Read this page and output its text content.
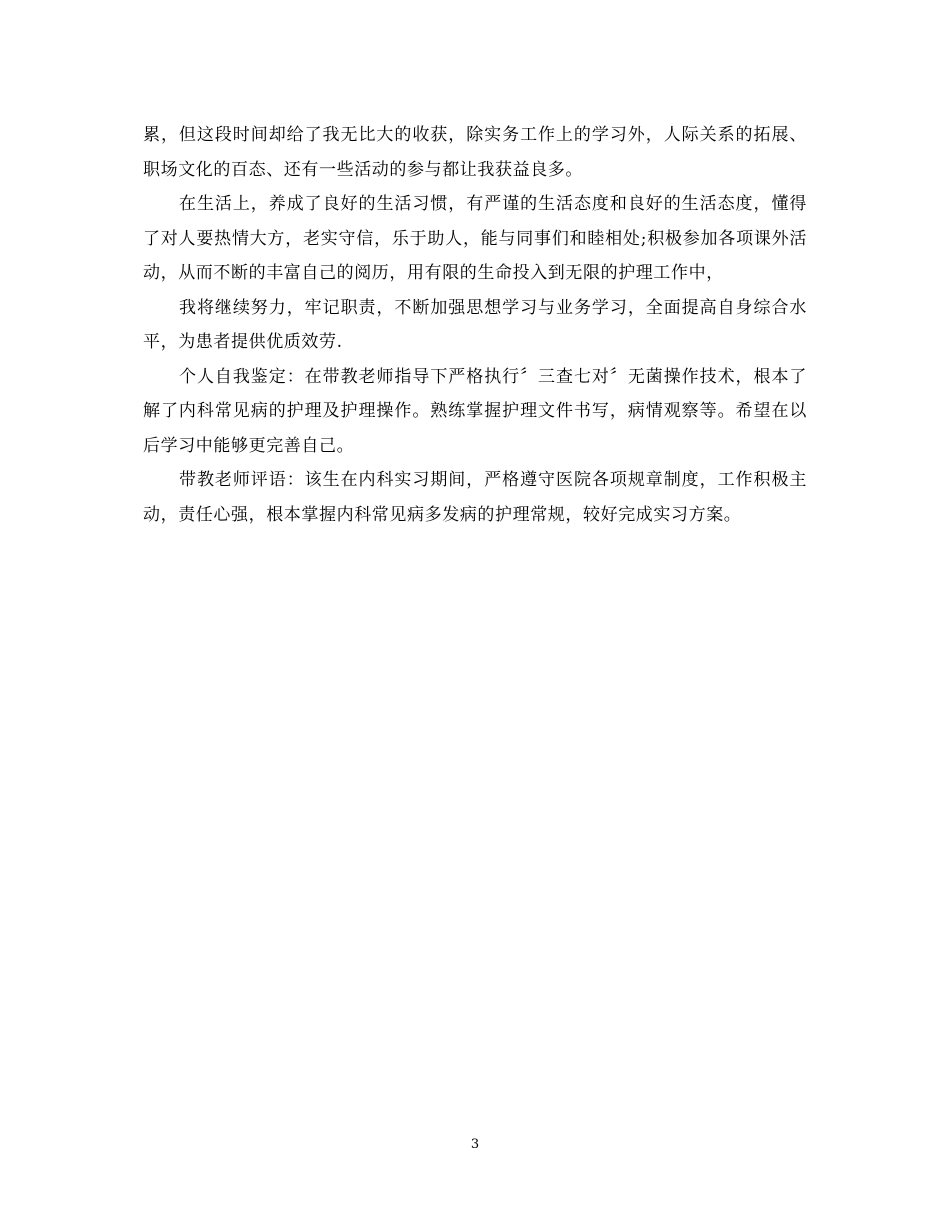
累，但这段时间却给了我无比大的收获，除实务工作上的学习外，人际关系的拓展、职场文化的百态、还有一些活动的参与都让我获益良多。

在生活上，养成了良好的生活习惯，有严谨的生活态度和良好的生活态度，懂得了对人要热情大方，老实守信，乐于助人，能与同事们和睦相处;积极参加各项课外活动，从而不断的丰富自己的阅历，用有限的生命投入到无限的护理工作中，

我将继续努力，牢记职责，不断加强思想学习与业务学习，全面提高自身综合水平，为患者提供优质效劳.

个人自我鉴定：在带教老师指导下严格执行〞三查七对〞无菌操作技术，根本了解了内科常见病的护理及护理操作。熟练掌握护理文件书写，病情观察等。希望在以后学习中能够更完善自己。

带教老师评语：该生在内科实习期间，严格遵守医院各项规章制度，工作积极主动，责任心强，根本掌握内科常见病多发病的护理常规，较好完成实习方案。

3
